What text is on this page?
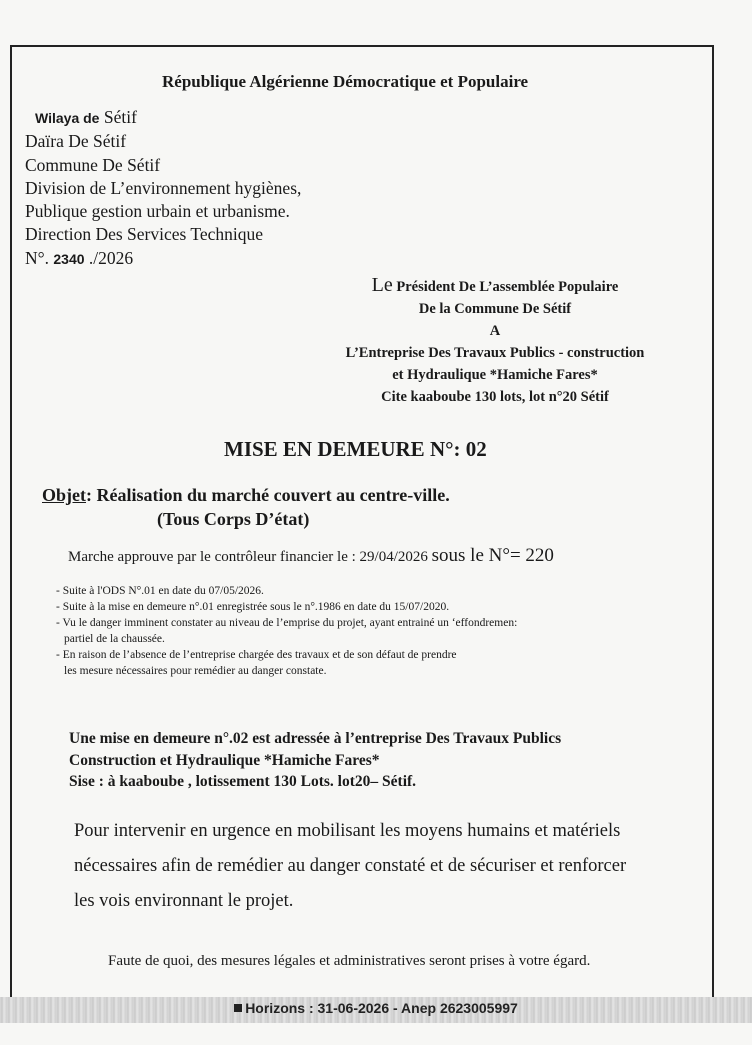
République Algérienne Démocratique et Populaire
Wilaya de Sétif
Daïra De Sétif
Commune De Sétif
Division de L’environnement hygiènes,
Publique gestion urbain et urbanisme.
Direction Des Services Technique
N°. 2340 ./2026
Le Président De L’assemblée Populaire
De la Commune De Sétif
A
L’Entreprise Des Travaux Publics - construction
et Hydraulique *Hamiche Fares*
Cite kaaboube 130 lots, lot n°20 Sétif
MISE EN DEMEURE N°: 02
Objet: Réalisation du marché couvert au centre-ville.
(Tous Corps D’état)
Marche approuve par le contrôleur financier le : 29/04/2026 sous le N°= 220
- Suite à l'ODS N°.01 en date du 07/05/2026.
- Suite à la mise en demeure n°.01 enregistrée sous le n°.1986 en date du 15/07/2020.
- Vu le danger imminent constater au niveau de l’emprise du projet, ayant entrainé un ‘effondremen:
partiel de la chaussée.
- En raison de l’absence de l’entreprise chargée des travaux et de son défaut de prendre
les mesure nécessaires pour remédier au danger constate.
Une mise en demeure n°.02 est adressée à l’entreprise Des Travaux Publics
Construction et Hydraulique *Hamiche Fares*
Sise : à kaaboube , lotissement 130 Lots. lot20– Sétif.
Pour intervenir en urgence en mobilisant les moyens humains et matériels
nécessaires afin de remédier au danger constaté et de sécuriser et renforcer
les vois environnant le projet.
Faute de quoi, des mesures légales et administratives seront prises à votre égard.
Horizons : 31-06-2026 - Anep 2623005997
